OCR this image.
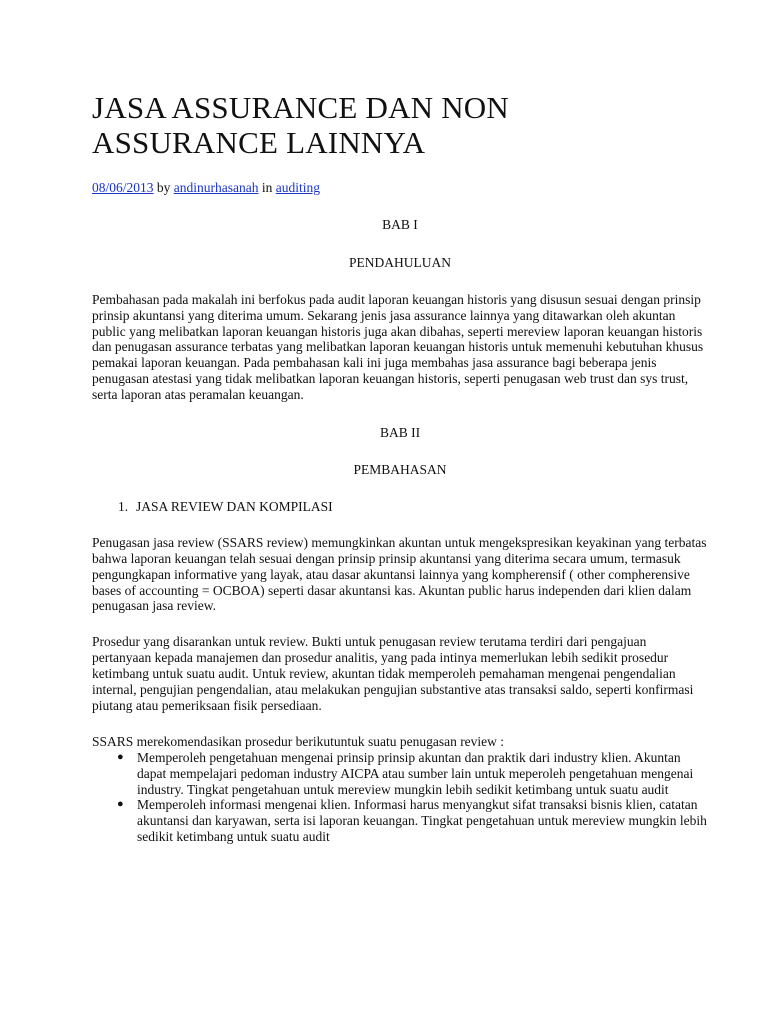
JASA ASSURANCE DAN NON
ASSURANCE LAINNYA
08/06/2013 by andinurhasanah in auditing

BAB I

PENDAHULUAN

Pembahasan pada makalah ini berfokus pada audit laporan keuangan historis yang disusun sesuai dengan prinsip prinsip akuntansi yang diterima umum. Sekarang jenis jasa assurance lainnya yang ditawarkan oleh akuntan public yang melibatkan laporan keuangan historis juga akan dibahas, seperti mereview laporan keuangan historis dan penugasan assurance terbatas yang melibatkan laporan keuangan historis untuk memenuhi kebutuhan khusus pemakai laporan keuangan. Pada pembahasan kali ini juga membahas jasa assurance bagi beberapa jenis penugasan atestasi yang tidak melibatkan laporan keuangan historis, seperti penugasan web trust dan sys trust, serta laporan atas peramalan keuangan.

BAB II

PEMBAHASAN

1. JASA REVIEW DAN KOMPILASI

Penugasan jasa review (SSARS review) memungkinkan akuntan untuk mengekspresikan keyakinan yang terbatas bahwa laporan keuangan telah sesuai dengan prinsip prinsip akuntansi yang diterima secara umum, termasuk pengungkapan informative yang layak, atau dasar akuntansi lainnya yang kompherensif ( other compherensive bases of accounting = OCBOA) seperti dasar akuntansi kas. Akuntan public harus independen dari klien dalam penugasan jasa review.

Prosedur yang disarankan untuk review. Bukti untuk penugasan review terutama terdiri dari pengajuan pertanyaan kepada manajemen dan prosedur analitis, yang pada intinya memerlukan lebih sedikit prosedur ketimbang untuk suatu audit. Untuk review, akuntan tidak memperoleh pemahaman mengenai pengendalian internal, pengujian pengendalian, atau melakukan pengujian substantive atas transaksi saldo, seperti konfirmasi piutang atau pemeriksaan fisik persediaan.

SSARS merekomendasikan prosedur berikutuntuk suatu penugasan review :

● Memperoleh pengetahuan mengenai prinsip prinsip akuntan dan praktik dari industry klien. Akuntan dapat mempelajari pedoman industry AICPA atau sumber lain untuk meperoleh pengetahuan mengenai industry. Tingkat pengetahuan untuk mereview mungkin lebih sedikit ketimbang untuk suatu audit
● Memperoleh informasi mengenai klien. Informasi harus menyangkut sifat transaksi bisnis klien, catatan akuntansi dan karyawan, serta isi laporan keuangan. Tingkat pengetahuan untuk mereview mungkin lebih sedikit ketimbang untuk suatu audit
